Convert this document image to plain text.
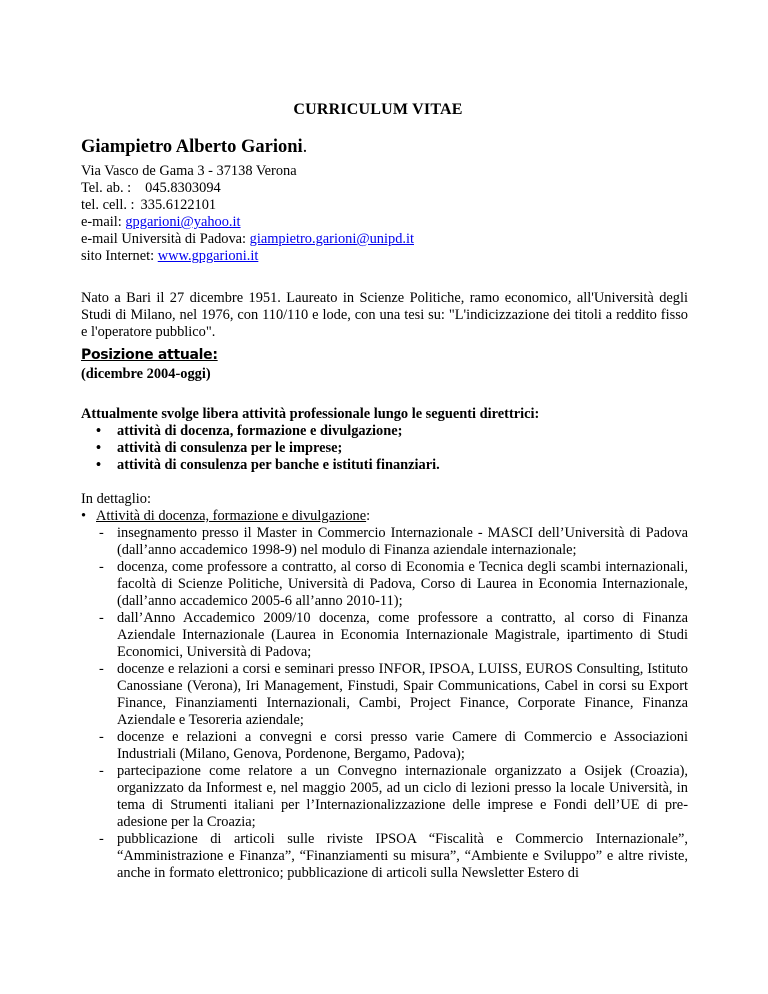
CURRICULUM VITAE
Giampietro Alberto Garioni.
Via Vasco de Gama 3 - 37138 Verona
Tel. ab. : 045.8303094
tel. cell. : 335.6122101
e-mail: gpgarioni@yahoo.it
e-mail Università di Padova: giampietro.garioni@unipd.it
sito Internet: www.gpgarioni.it
Nato a Bari il 27 dicembre 1951. Laureato in Scienze Politiche, ramo economico, all'Università degli Studi di Milano, nel 1976, con 110/110 e lode, con una tesi su: "L'indicizzazione dei titoli a reddito fisso e l'operatore pubblico".
Posizione attuale:
(dicembre 2004-oggi)
Attualmente svolge libera attività professionale lungo le seguenti direttrici:
• attività di docenza, formazione e divulgazione;
• attività di consulenza per le imprese;
• attività di consulenza per banche e istituti finanziari.
In dettaglio:
• Attività di docenza, formazione e divulgazione:
- insegnamento presso il Master in Commercio Internazionale - MASCI dell’Università di Padova (dall’anno accademico 1998-9) nel modulo di Finanza aziendale internazionale;
- docenza, come professore a contratto, al corso di Economia e Tecnica degli scambi internazionali, facoltà di Scienze Politiche, Università di Padova, Corso di Laurea in Economia Internazionale, (dall’anno accademico 2005-6 all’anno 2010-11);
- dall’Anno Accademico 2009/10 docenza, come professore a contratto, al corso di Finanza Aziendale Internazionale (Laurea in Economia Internazionale Magistrale, ipartimento di Studi Economici, Università di Padova;
- docenze e relazioni a corsi e seminari presso INFOR, IPSOA, LUISS, EUROS Consulting, Istituto Canossiane (Verona), Iri Management, Finstudi, Spair Communications, Cabel in corsi su Export Finance, Finanziamenti Internazionali, Cambi, Project Finance, Corporate Finance, Finanza Aziendale e Tesoreria aziendale;
- docenze e relazioni a convegni e corsi presso varie Camere di Commercio e Associazioni Industriali (Milano, Genova, Pordenone, Bergamo, Padova);
- partecipazione come relatore a un Convegno internazionale organizzato a Osijek (Croazia), organizzato da Informest e, nel maggio 2005, ad un ciclo di lezioni presso la locale Università, in tema di Strumenti italiani per l’Internazionalizzazione delle imprese e Fondi dell’UE di pre-adesione per la Croazia;
- pubblicazione di articoli sulle riviste IPSOA “Fiscalità e Commercio Internazionale”, “Amministrazione e Finanza”, “Finanziamenti su misura”, “Ambiente e Sviluppo” e altre riviste, anche in formato elettronico; pubblicazione di articoli sulla Newsletter Estero di
